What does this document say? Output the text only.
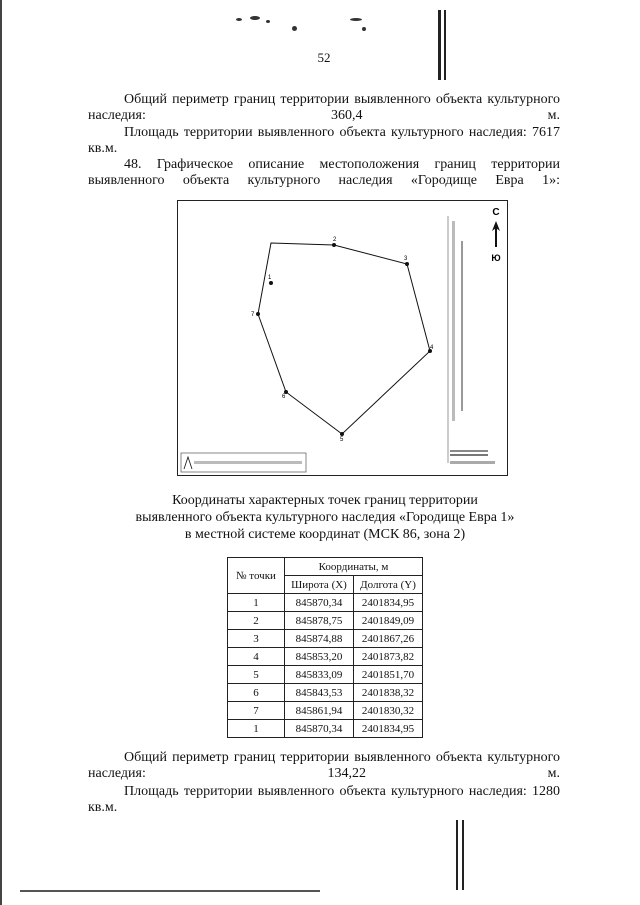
52

Общий периметр границ территории выявленного объекта культурного наследия: 360,4 м.

Площадь территории выявленного объекта культурного наследия: 7617 кв.м.

48. Графическое описание местоположения границ территории выявленного объекта культурного наследия «Городище Евра 1»:

1
2
3
4
5
6
7
С
Ю
Координаты характерных точек границ территории
выявленного объекта культурного наследия «Городище Евра 1»
в местной системе координат (МСК 86, зона 2)
№ точки	Координаты, м	
	Широта (X)	Долгота (Y)
1	845870,34	2401834,95
2	845878,75	2401849,09
3	845874,88	2401867,26
4	845853,20	2401873,82
5	845833,09	2401851,70
6	845843,53	2401838,32
7	845861,94	2401830,32
1	845870,34	2401834,95

Общий периметр границ территории выявленного объекта культурного наследия: 134,22 м.

Площадь территории выявленного объекта культурного наследия: 1280 кв.м.
